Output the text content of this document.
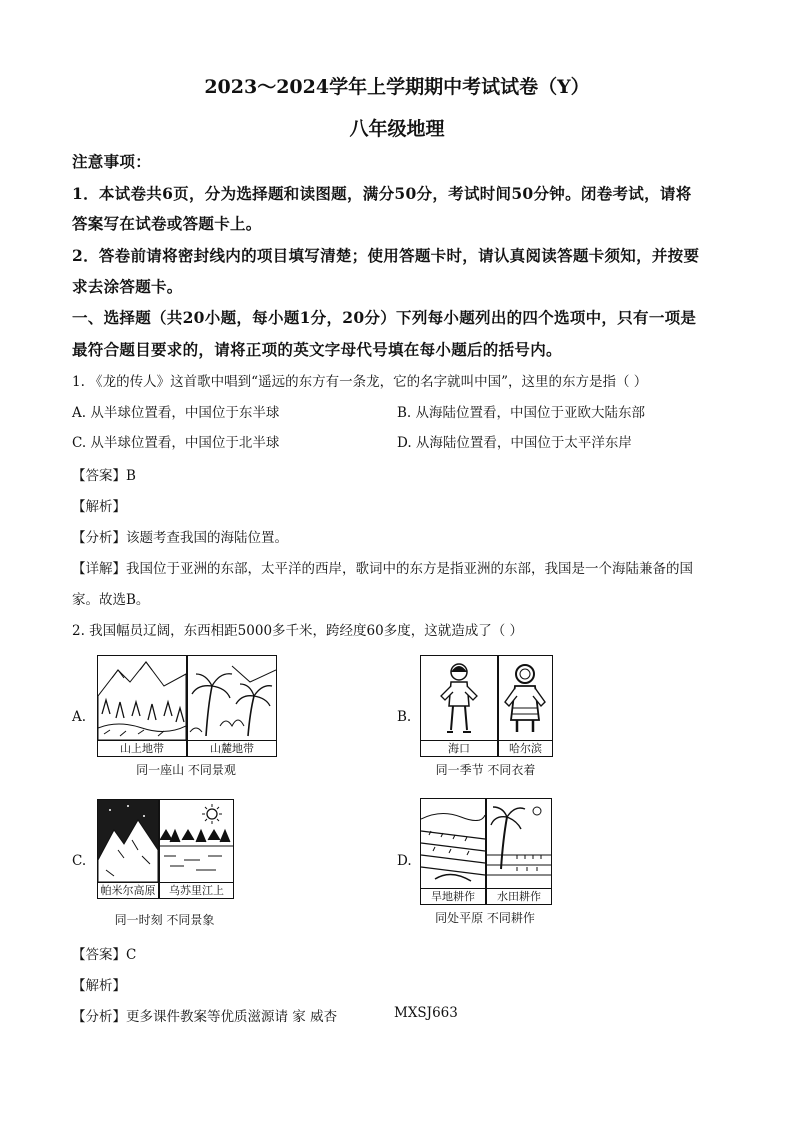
2023～2024学年上学期期中考试试卷（Y）
八年级地理
注意事项：
1．本试卷共6页，分为选择题和读图题，满分50分，考试时间50分钟。闭卷考试，请将
答案写在试卷或答题卡上。
2．答卷前请将密封线内的项目填写清楚；使用答题卡时，请认真阅读答题卡须知，并按要
求去涂答题卡。
一、选择题（共20小题，每小题1分，20分）下列每小题列出的四个选项中，只有一项是
最符合题目要求的，请将正项的英文字母代号填在每小题后的括号内。
1. 《龙的传人》这首歌中唱到“遥远的东方有一条龙，它的名字就叫中国”，这里的东方是指（ ）
A. 从半球位置看，中国位于东半球	B. 从海陆位置看，中国位于亚欧大陆东部
C. 从半球位置看，中国位于北半球	D. 从海陆位置看，中国位于太平洋东岸
【答案】B
【解析】
【分析】该题考查我国的海陆位置。
【详解】我国位于亚洲的东部，太平洋的西岸，歌词中的东方是指亚洲的东部，我国是一个海陆兼备的国
家。故选B。
2. 我国幅员辽阔，东西相距5000多千米，跨经度60多度，这就造成了（ ）
A.
山上地带	山麓地带
同一座山 不同景观
B.
海口	哈尔滨
同一季节 不同衣着
C.
帕米尔高原	乌苏里江上
同一时刻 不同景象
D.
旱地耕作	水田耕作
同处平原 不同耕作
【答案】C
【解析】
【分析】更多课件教案等优质滋源请 家 威杏	MXSJ663
